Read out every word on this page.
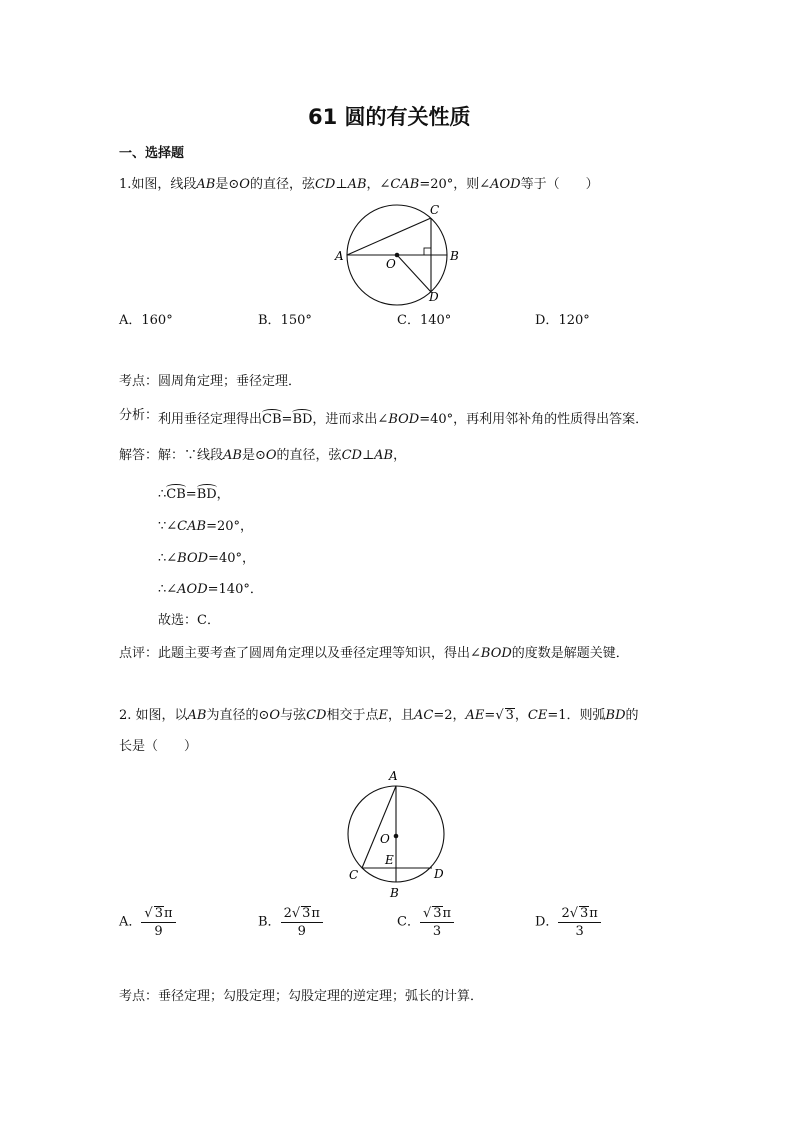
61 圆的有关性质
一、选择题
1.如图，线段AB是⊙O的直径，弦CD⊥AB，∠CAB=20°，则∠AOD等于（　　）
A	B
C
D
O
A．160°	B．150°	C．140°	D．120°
考点：圆周角定理；垂径定理．
分析：利用垂径定理得出CB=BD，进而求出∠BOD=40°，再利用邻补角的性质得出答案．
解答：解：∵线段AB是⊙O的直径，弦CD⊥AB，
∴CB=BD，
∵∠CAB=20°，
∴∠BOD=40°，
∴∠AOD=140°．
故选：C．
点评：此题主要考查了圆周角定理以及垂径定理等知识，得出∠BOD的度数是解题关键．
2. 如图，以AB为直径的⊙O与弦CD相交于点E，且AC=2，AE=√ 3，CE=1．则弧BD的
长是（　　）
A
B
C	D
O
E
A． $\frac{√ 3\pi}{9}$	B． $\frac{2√ 3\pi}{9}$	C． $\frac{√ 3\pi}{3}$	D． $\frac{2√ 3\pi}{3}$
考点：垂径定理；勾股定理；勾股定理的逆定理；弧长的计算．
